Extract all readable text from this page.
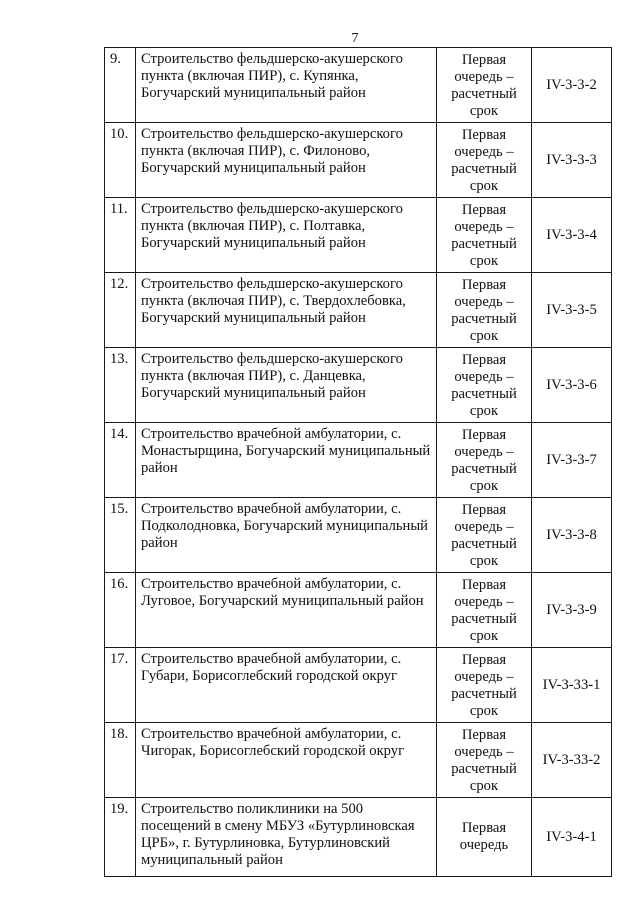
7
9.	Строительство фельдшерско-акушерского пункта (включая ПИР), с. Купянка, Богучарский муниципальный район	Первая
очередь –
расчетный
срок	IV-3-3-2
10.	Строительство фельдшерско-акушерского пункта (включая ПИР), с. Филоново, Богучарский муниципальный район	Первая
очередь –
расчетный
срок	IV-3-3-3
11.	Строительство фельдшерско-акушерского пункта (включая ПИР), с. Полтавка, Богучарский муниципальный район	Первая
очередь –
расчетный
срок	IV-3-3-4
12.	Строительство фельдшерско-акушерского пункта (включая ПИР), с. Твердохлебовка, Богучарский муниципальный район	Первая
очередь –
расчетный
срок	IV-3-3-5
13.	Строительство фельдшерско-акушерского пункта (включая ПИР), с. Данцевка, Богучарский муниципальный район	Первая
очередь –
расчетный
срок	IV-3-3-6
14.	Строительство врачебной амбулатории, с. Монастырщина, Богучарский муниципальный район	Первая
очередь –
расчетный
срок	IV-3-3-7
15.	Строительство врачебной амбулатории, с. Подколодновка, Богучарский муниципальный район	Первая
очередь –
расчетный
срок	IV-3-3-8
16.	Строительство врачебной амбулатории, с. Луговое, Богучарский муниципальный район	Первая
очередь –
расчетный
срок	IV-3-3-9
17.	Строительство врачебной амбулатории, с. Губари, Борисоглебский городской округ	Первая
очередь –
расчетный
срок	IV-3-33-1
18.	Строительство врачебной амбулатории, с. Чигорак, Борисоглебский городской округ	Первая
очередь –
расчетный
срок	IV-3-33-2
19.	Строительство поликлиники на 500 посещений в смену МБУЗ «Бутурлиновская ЦРБ», г. Бутурлиновка, Бутурлиновский муниципальный район	Первая
очередь	IV-3-4-1
